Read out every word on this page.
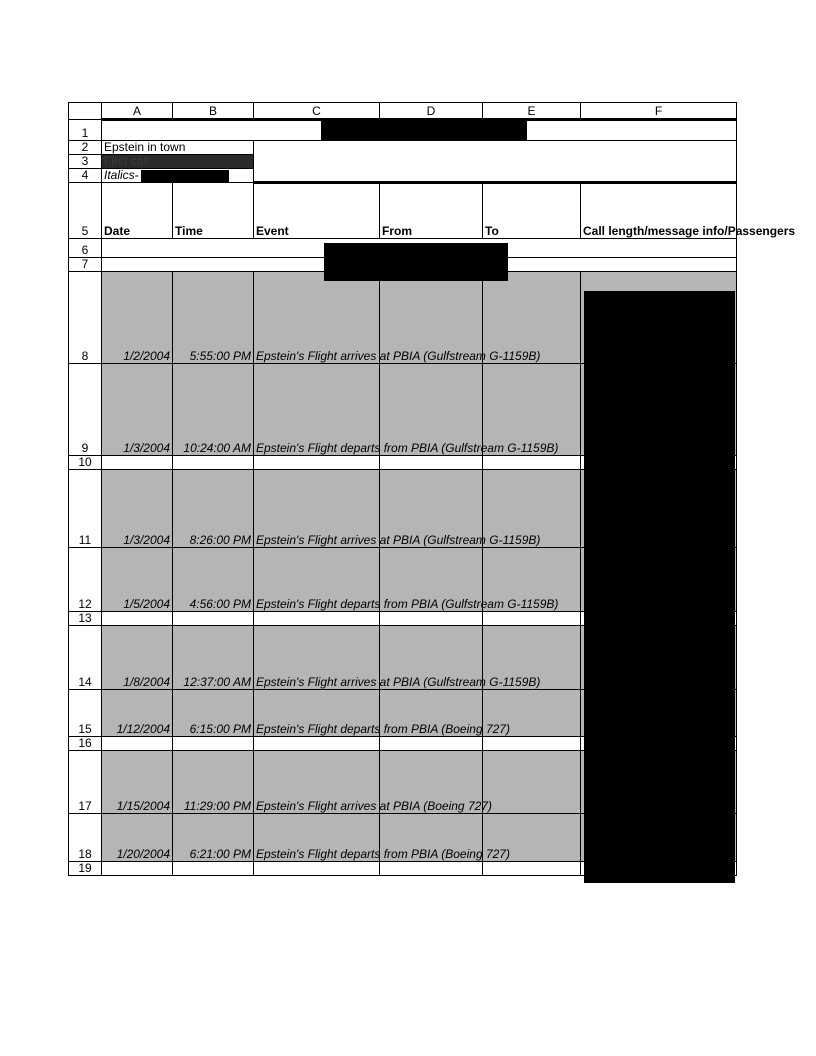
	A	B	C	D	E	F
1						
2	Epstein in town					
3	First call					
4	Italics-					
5	Date	Time	Event	From	To	Call length/message info/Passengers
6						
7						
8	1/2/2004	5:55:00 PM	Epstein's Flight arrives at PBIA (Gulfstream G-1159B)			
9	1/3/2004	10:24:00 AM	Epstein's Flight departs from PBIA (Gulfstream G-1159B)			
10						
11	1/3/2004	8:26:00 PM	Epstein's Flight arrives at PBIA (Gulfstream G-1159B)			
12	1/5/2004	4:56:00 PM	Epstein's Flight departs from PBIA (Gulfstream G-1159B)			
13						
14	1/8/2004	12:37:00 AM	Epstein's Flight arrives at PBIA (Gulfstream G-1159B)			
15	1/12/2004	6:15:00 PM	Epstein's Flight departs from PBIA (Boeing 727)			
16						
17	1/15/2004	11:29:00 PM	Epstein's Flight arrives at PBIA (Boeing 727)			
18	1/20/2004	6:21:00 PM	Epstein's Flight departs from PBIA (Boeing 727)			
19						
